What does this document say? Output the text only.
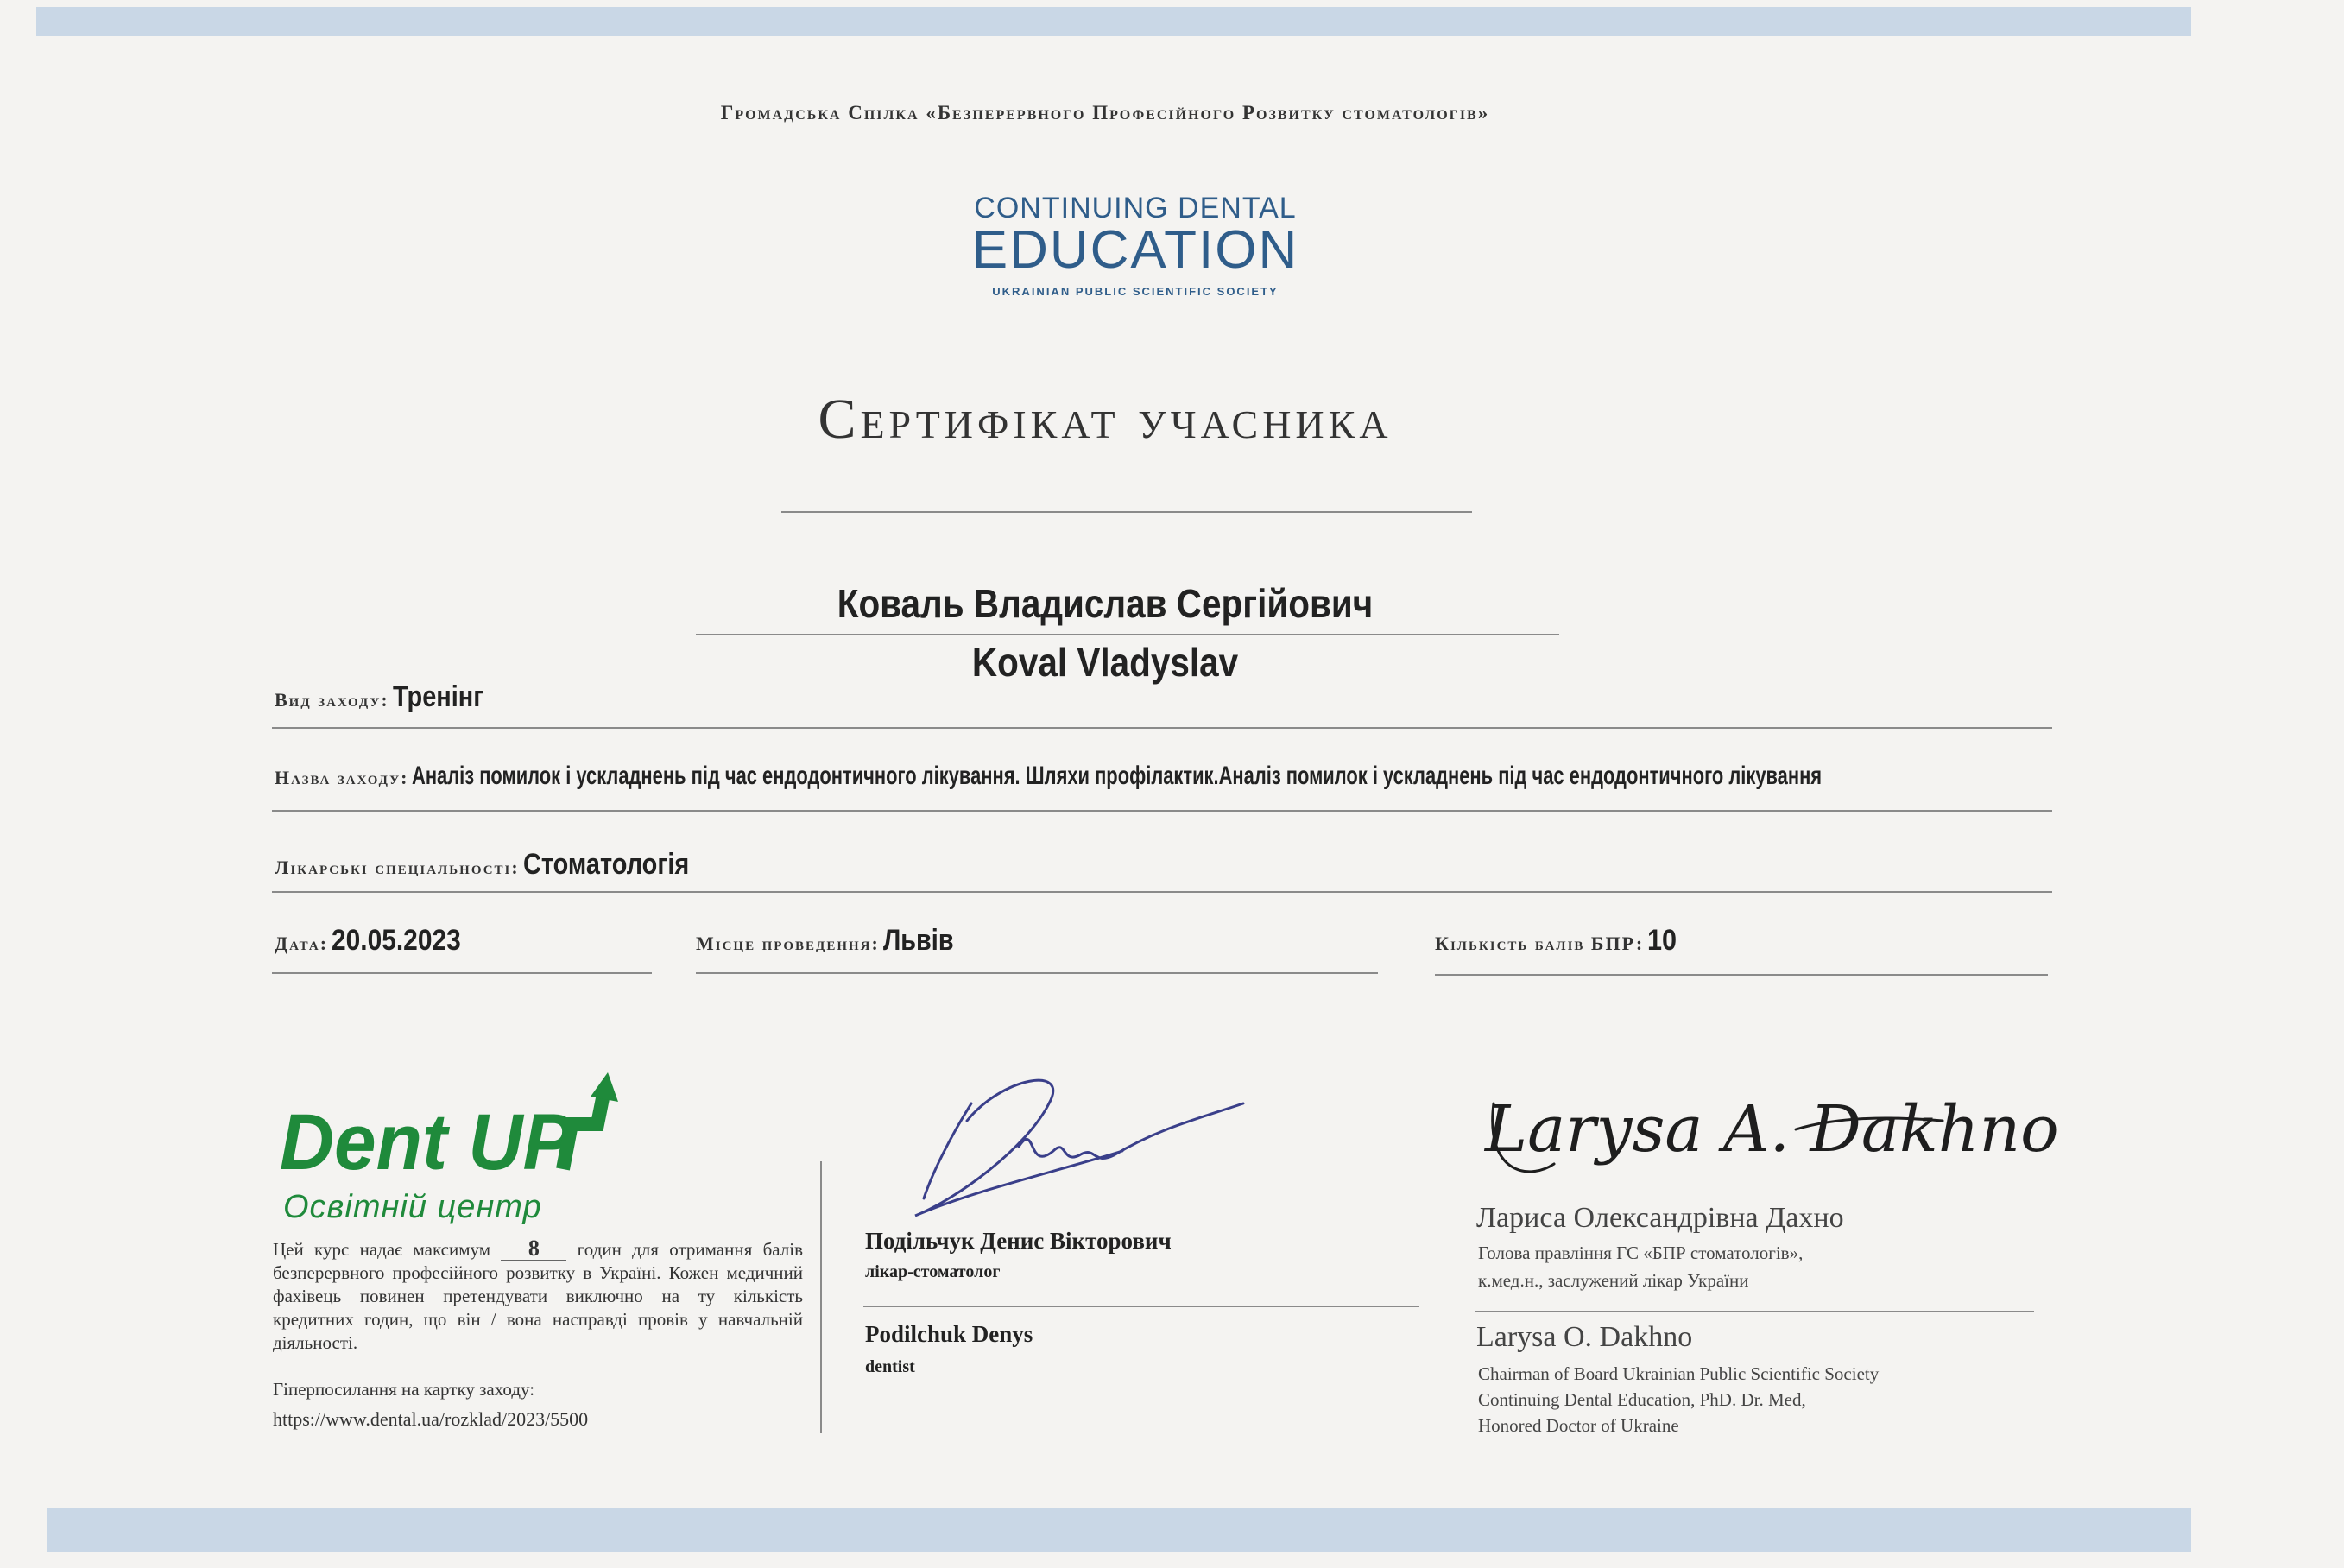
Громадська Спілка «Безперервного Професійного Розвитку стоматологів»
CONTINUING DENTAL
EDUCATION
UKRAINIAN PUBLIC SCIENTIFIC SOCIETY
Сертифікат учасника
Коваль Владислав Сергійович
Koval Vladyslav
Вид заходу: Тренінг
Назва заходу: Аналіз помилок і ускладнень під час ендодонтичного лікування. Шляхи профілактик.Аналіз помилок і ускладнень під час ендодонтичного лікування
Лікарські спеціальності: Стоматологія
Дата: 20.05.2023	Місце проведення: Львів	Кількість балів БПР: 10
Dent UP
Освітній центр
Цей курс надає максимум 8 годин для отримання балів безперервного професійного розвитку в Україні. Кожен медичний фахівець повинен претендувати виключно на ту кількість кредитних годин, що він / вона насправді провів у навчальній діяльності.
Гіперпосилання на картку заходу:
https://www.dental.ua/rozklad/2023/5500
Подільчук Денис Вікторович
лікар-стоматолог
Podilchuk Denys
dentist
Larysa A. Dakhno
Лариса Олександрівна Дахно
Голова правління ГС «БПР стоматологів»,
к.мед.н., заслужений лікар України
Larysa O. Dakhno
Chairman of Board Ukrainian Public Scientific Society
Continuing Dental Education, PhD. Dr. Med,
Honored Doctor of Ukraine
